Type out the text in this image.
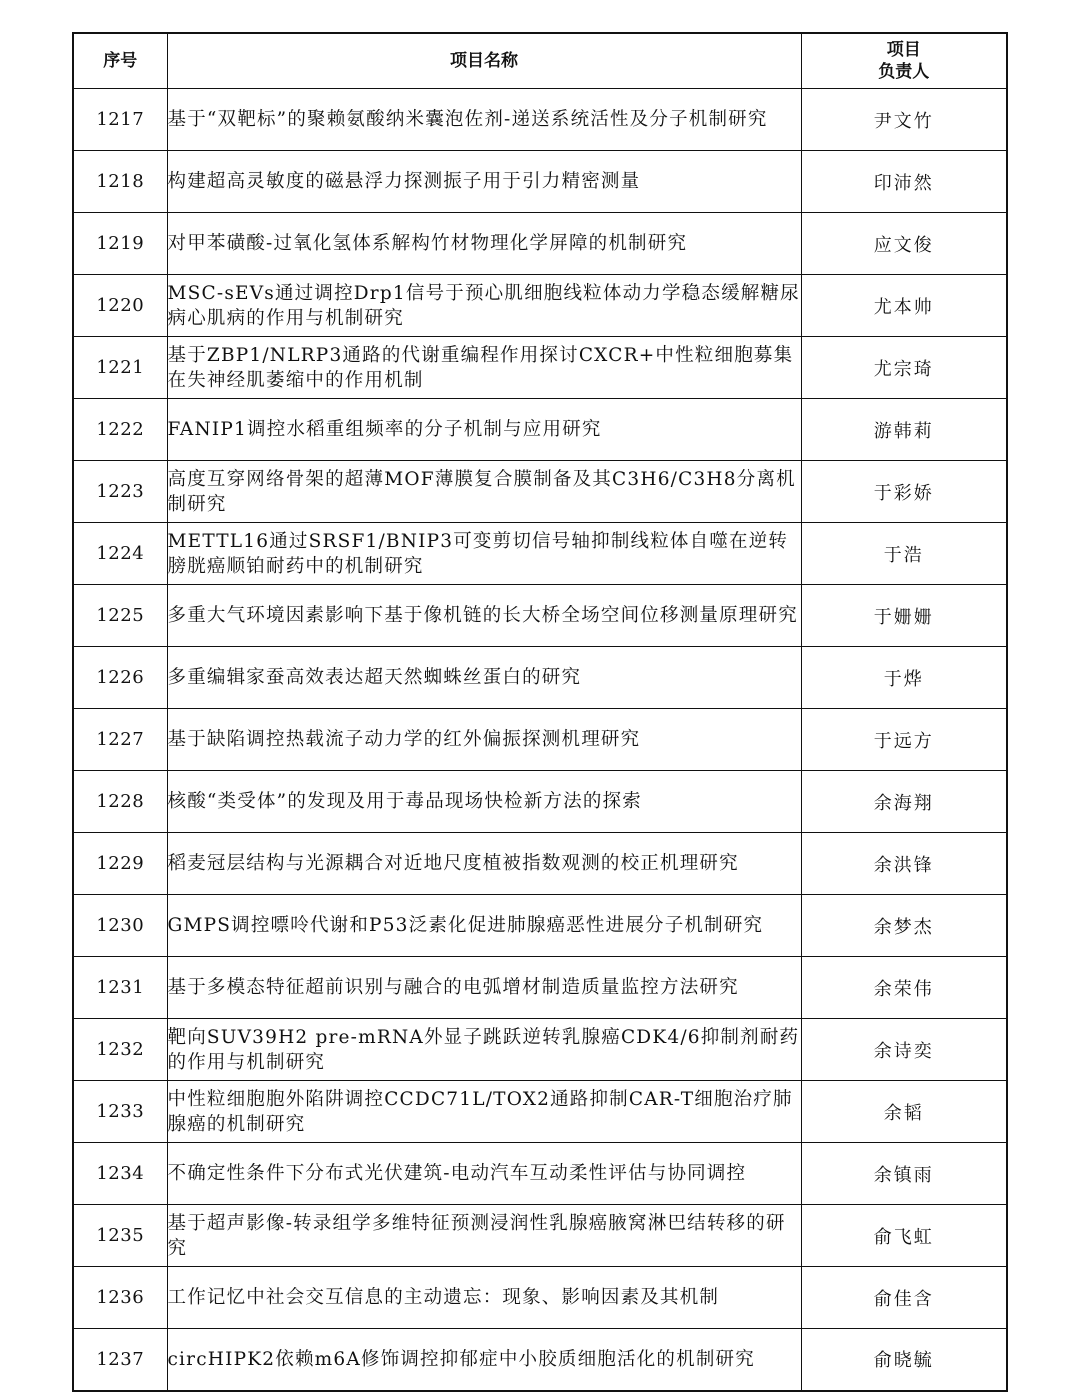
序号	项目名称	项目
负责人

1217	基于“双靶标”的聚赖氨酸纳米囊泡佐剂-递送系统活性及分子机制研究	尹文竹
1218	构建超高灵敏度的磁悬浮力探测振子用于引力精密测量	印沛然
1219	对甲苯磺酸-过氧化氢体系解构竹材物理化学屏障的机制研究	应文俊
1220	MSC-sEVs通过调控Drp1信号于预心肌细胞线粒体动力学稳态缓解糖尿病心肌病的作用与机制研究	尤本帅
1221	基于ZBP1/NLRP3通路的代谢重编程作用探讨CXCR+中性粒细胞募集在失神经肌萎缩中的作用机制	尤宗琦
1222	FANIP1调控水稻重组频率的分子机制与应用研究	游韩莉
1223	高度互穿网络骨架的超薄MOF薄膜复合膜制备及其C3H6/C3H8分离机制研究	于彩娇
1224	METTL16通过SRSF1/BNIP3可变剪切信号轴抑制线粒体自噬在逆转膀胱癌顺铂耐药中的机制研究	于浩
1225	多重大气环境因素影响下基于像机链的长大桥全场空间位移测量原理研究	于姗姗
1226	多重编辑家蚕高效表达超天然蜘蛛丝蛋白的研究	于烨
1227	基于缺陷调控热载流子动力学的红外偏振探测机理研究	于远方
1228	核酸“类受体”的发现及用于毒品现场快检新方法的探索	余海翔
1229	稻麦冠层结构与光源耦合对近地尺度植被指数观测的校正机理研究	余洪锋
1230	GMPS调控嘌呤代谢和P53泛素化促进肺腺癌恶性进展分子机制研究	余梦杰
1231	基于多模态特征超前识别与融合的电弧增材制造质量监控方法研究	余荣伟
1232	靶向SUV39H2 pre-mRNA外显子跳跃逆转乳腺癌CDK4/6抑制剂耐药的作用与机制研究	余诗奕
1233	中性粒细胞胞外陷阱调控CCDC71L/TOX2通路抑制CAR-T细胞治疗肺腺癌的机制研究	余韬
1234	不确定性条件下分布式光伏建筑-电动汽车互动柔性评估与协同调控	余镇雨
1235	基于超声影像-转录组学多维特征预测浸润性乳腺癌腋窝淋巴结转移的研究	俞飞虹
1236	工作记忆中社会交互信息的主动遗忘：现象、影响因素及其机制	俞佳含
1237	circHIPK2依赖m6A修饰调控抑郁症中小胶质细胞活化的机制研究	俞晓毓
